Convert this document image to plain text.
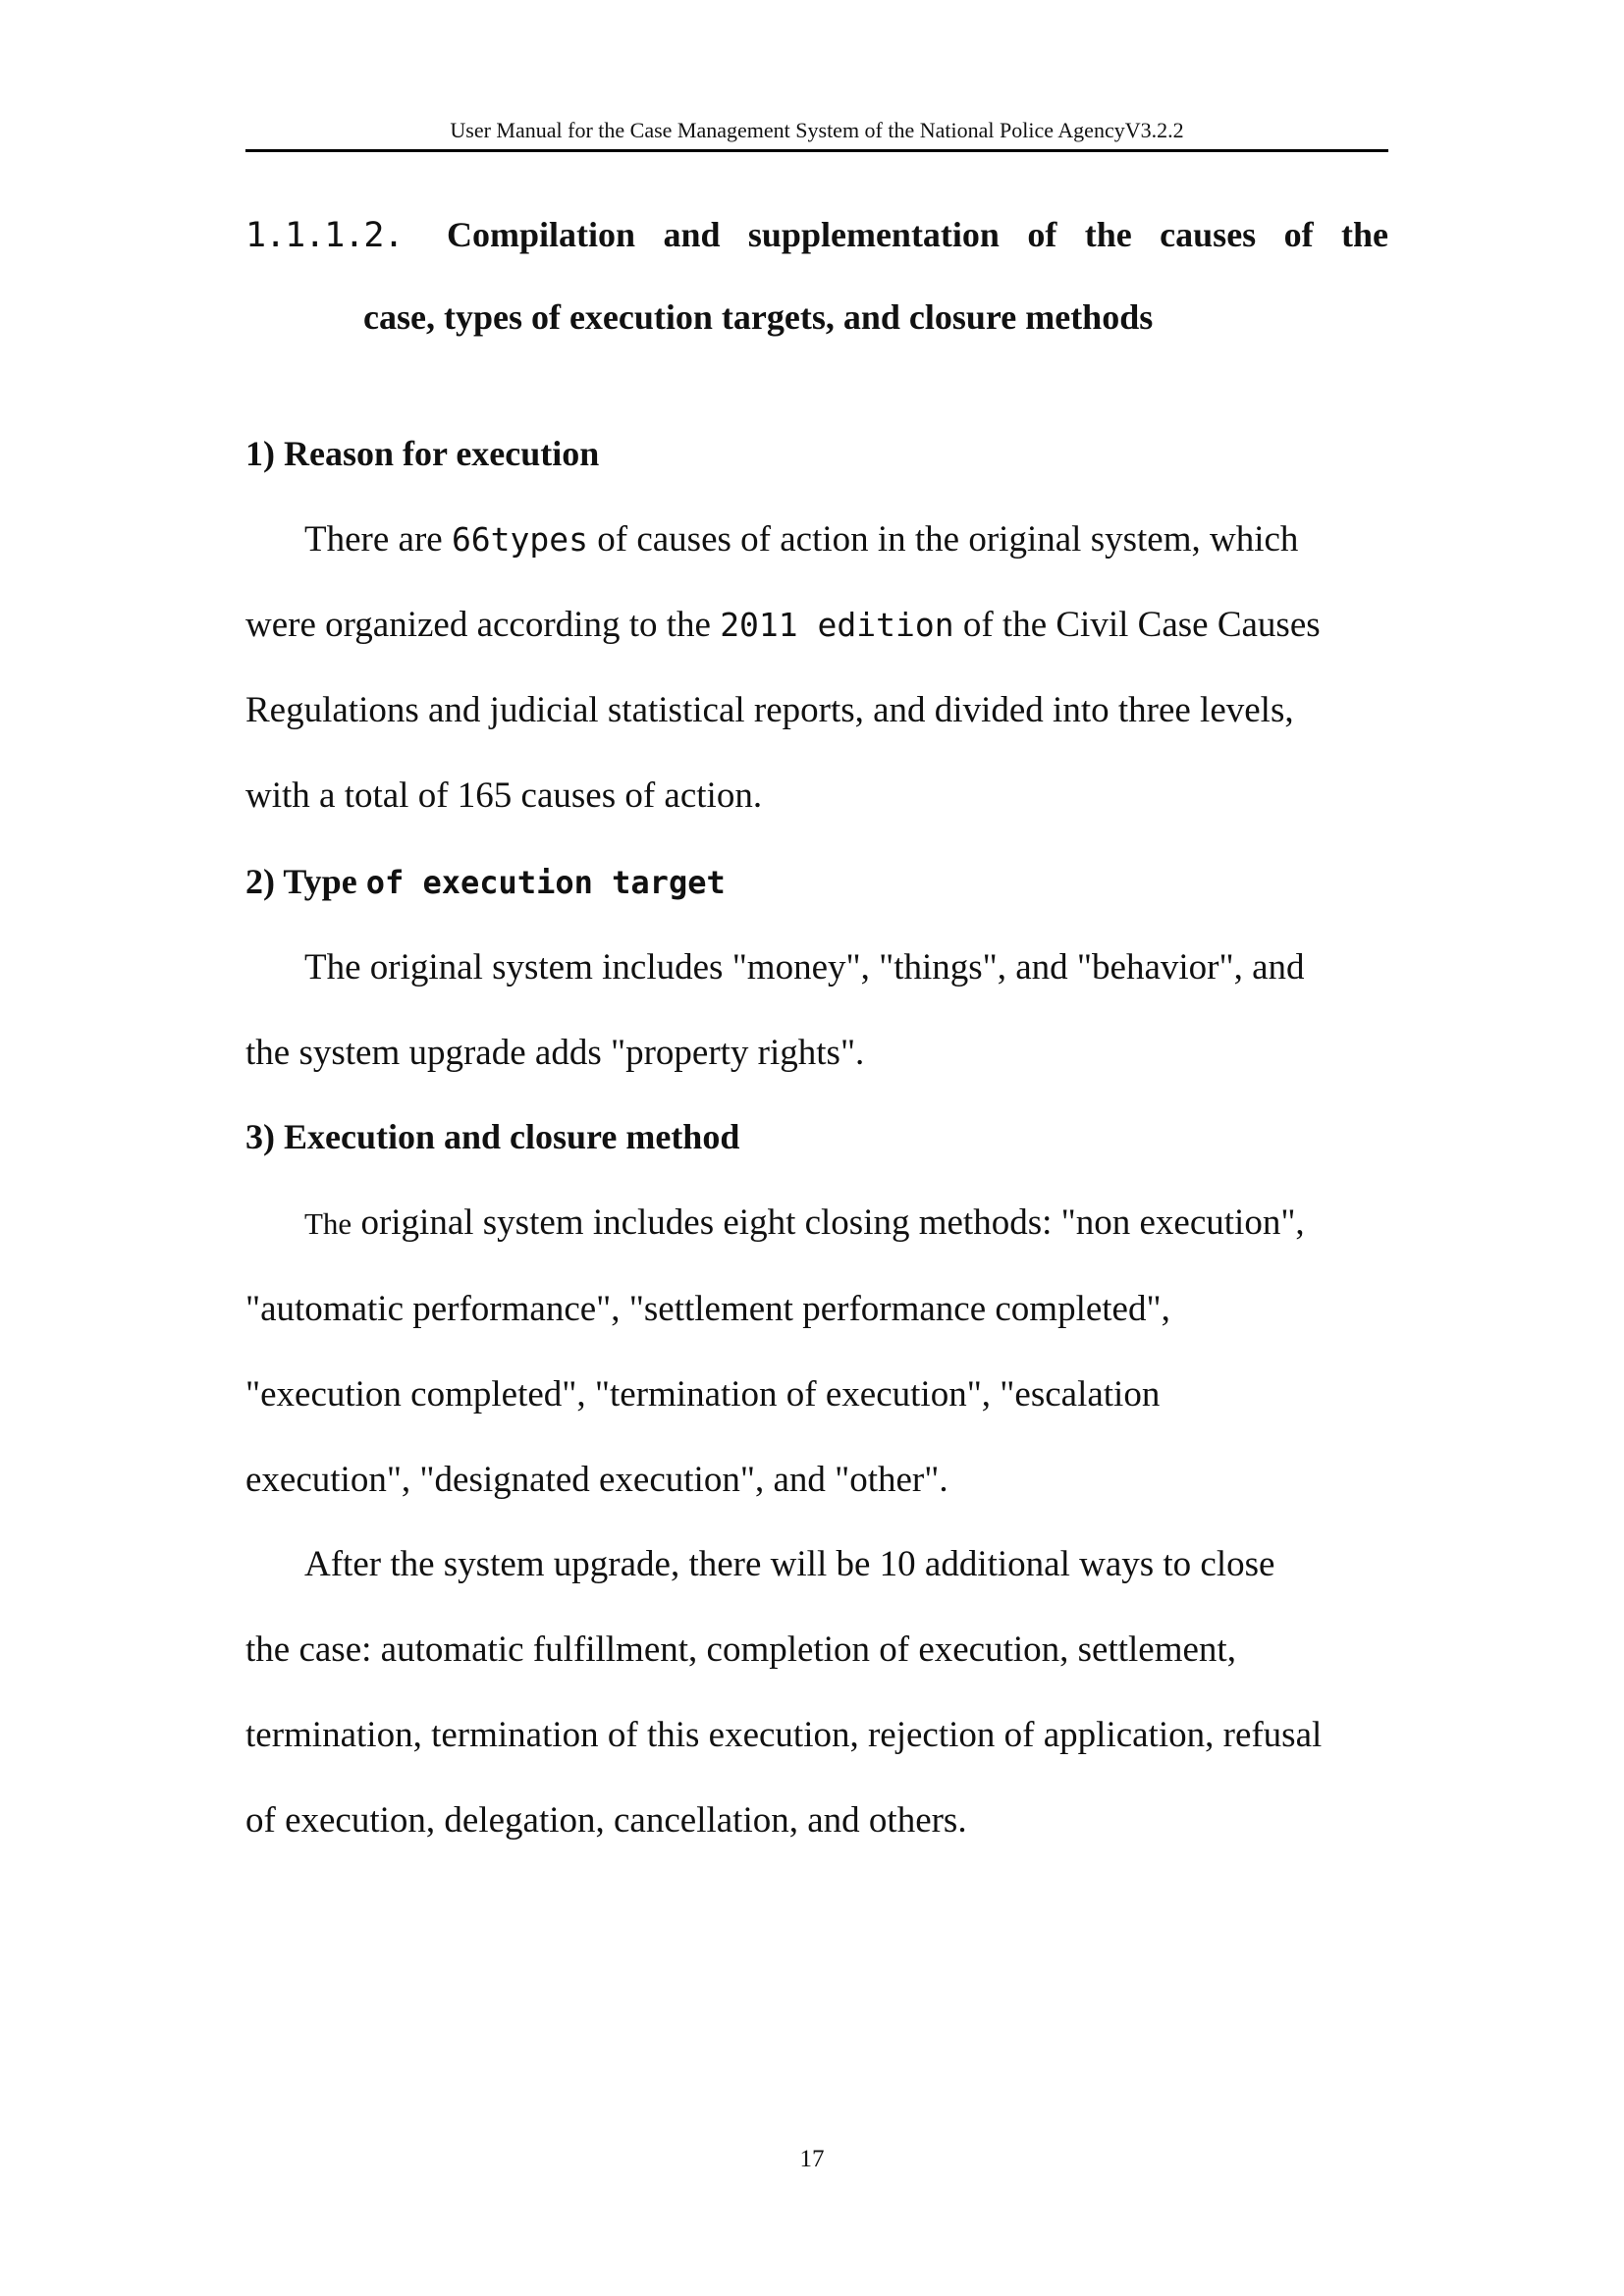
User Manual for the Case Management System of the National Police AgencyV3.2.2
1.1.1.2.	Compilation and supplementation of the causes of the
case, types of execution targets, and closure methods
1) Reason for execution
There are 66types of causes of action in the original system, which
were organized according to the 2011 edition of the Civil Case Causes
Regulations and judicial statistical reports, and divided into three levels,
with a total of 165 causes of action.
2) Type of execution target
The original system includes "money", "things", and "behavior", and
the system upgrade adds "property rights".
3) Execution and closure method
The original system includes eight closing methods: "non execution",
"automatic performance", "settlement performance completed",
"execution completed", "termination of execution", "escalation
execution", "designated execution", and "other".
After the system upgrade, there will be 10 additional ways to close
the case: automatic fulfillment, completion of execution, settlement,
termination, termination of this execution, rejection of application, refusal
of execution, delegation, cancellation, and others.
17
